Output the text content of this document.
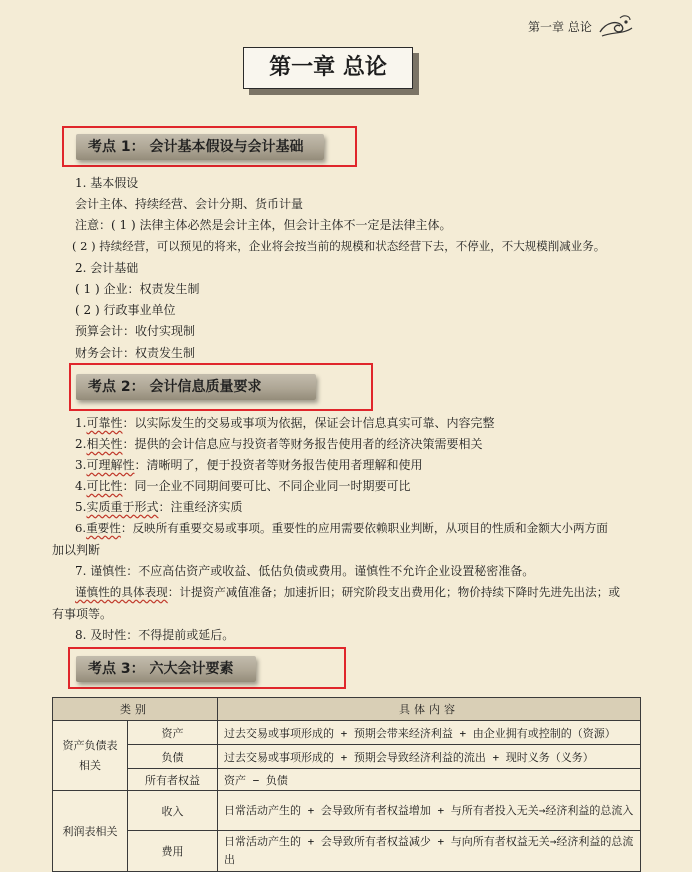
第一章 总论
第一章 总论
考点 1： 会计基本假设与会计基础
1. 基本假设
会计主体、持续经营、会计分期、货币计量
注意：( 1 ) 法律主体必然是会计主体，但会计主体不一定是法律主体。
( 2 ) 持续经营，可以预见的将来，企业将会按当前的规模和状态经营下去，不停业，不大规模削减业务。
2. 会计基础
( 1 ) 企业：权责发生制
( 2 ) 行政事业单位
预算会计：收付实现制
财务会计：权责发生制
考点 2： 会计信息质量要求
1.可靠性：以实际发生的交易或事项为依据，保证会计信息真实可靠、内容完整
2.相关性：提供的会计信息应与投资者等财务报告使用者的经济决策需要相关
3.可理解性：清晰明了，便于投资者等财务报告使用者理解和使用
4.可比性：同一企业不同期间要可比、不同企业同一时期要可比
5.实质重于形式：注重经济实质
6.重要性：反映所有重要交易或事项。重要性的应用需要依赖职业判断，从项目的性质和金额大小两方面
加以判断
7. 谨慎性：不应高估资产或收益、低估负债或费用。谨慎性不允许企业设置秘密准备。
谨慎性的具体表现：计提资产减值准备；加速折旧；研究阶段支出费用化；物价持续下降时先进先出法；或
有事项等。
8. 及时性：不得提前或延后。
考点 3： 六大会计要素
类别		具体内容
资产负债表相关	资产	过去交易或事项形成的 + 预期会带来经济利益 + 由企业拥有或控制的（资源）
	负债	过去交易或事项形成的 + 预期会导致经济利益的流出 + 现时义务（义务）
	所有者权益	资产 − 负债
利润表相关	收入	日常活动产生的 + 会导致所有者权益增加 + 与所有者投入无关→经济利益的总流入
	费用	日常活动产生的 + 会导致所有者权益减少 + 与向所有者权益无关→经济利益的总流出
